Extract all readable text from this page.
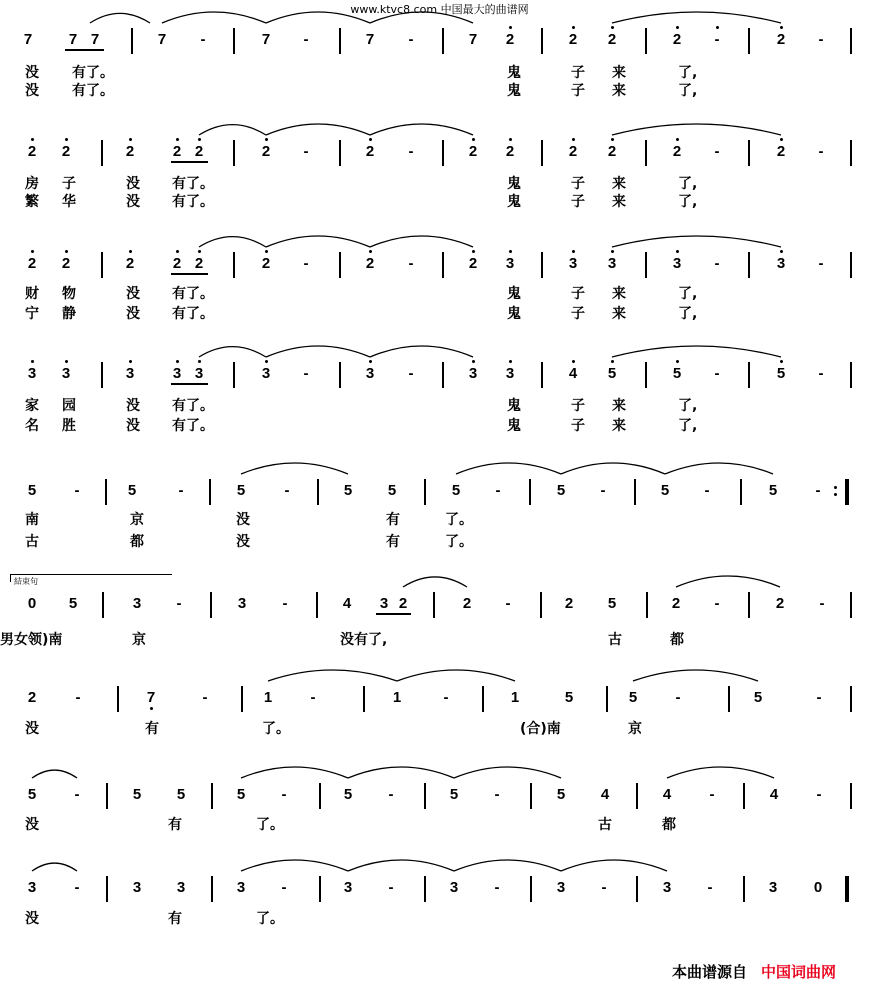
www.ktvc8.com 中国最大的曲谱网
結束句
本曲谱源自 中国词曲网
7 7 7	7 -	7 -	7 -	7 2	2 2	2 -	2 -
没 有了。	鬼	子 来	了,
没 有了。	鬼	子 来	了,
2 2	2	2 2	2 -	2 -	2 2	2 2	2 -	2 -
房 子	没 有了。	鬼	子 来	了,
繁 华	没 有了。	鬼	子 来	了,
2 2	2	2 2	2 -	2 -	2 3	3 3	3 -	3 -
财 物	没 有了。	鬼	子 来	了,
宁 静	没 有了。	鬼	子 来	了,
3 3	3	3 3	3 -	3 -	3 3	4 5	5 -	5 -
家 园	没 有了。	鬼	子 来	了,
名 胜	没 有了。	鬼	子 来	了,
5	-	5	-	5	-	5 5	5 -	5 -	5 -	5	-
南	京	没	有	了。
古	都	没	有	了。
0 5	3 -	3 -	4 3 2	2 -	2 5	2 -	2 -
男女领)南	京	没有了,	古	都
2	-	7	-	1	-	1	-	1	5	5	-	5	-
没	有	了。	(合)南	京
5	-	5 5	5 -	5 -	5 -	5 4	4	-	4	-
没	有	了。	古	都
3	-	3 3	3 -	3 -	3 -	3 -	3 -	3 0
没	有	了。
